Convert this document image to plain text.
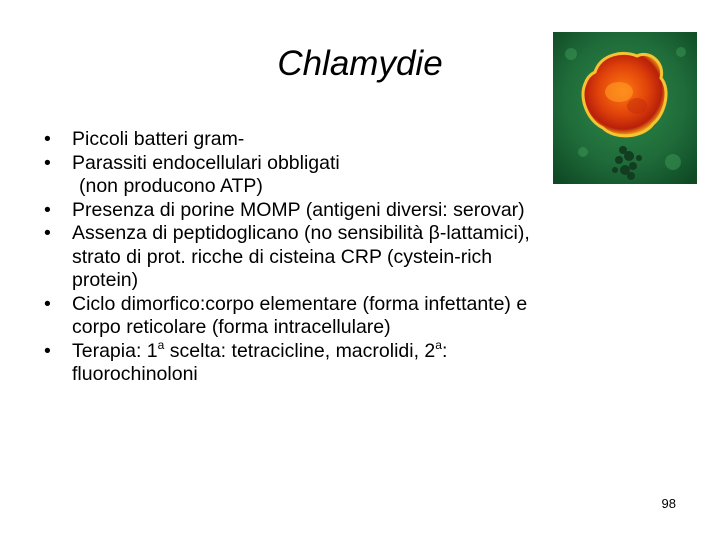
Chlamydie
• Piccoli batteri gram-
• Parassiti endocellulari obbligati
(non producono ATP)
• Presenza di porine MOMP (antigeni diversi: serovar)
• Assenza di peptidoglicano (no sensibilità β-lattamici),
strato di prot. ricche di cisteina CRP (cystein-rich
protein)
• Ciclo dimorfico:corpo elementare (forma infettante) e
corpo reticolare (forma intracellulare)
• Terapia: 1$^a$ scelta: tetracicline, macrolidi, 2$^a$:
fluorochinoloni
98
